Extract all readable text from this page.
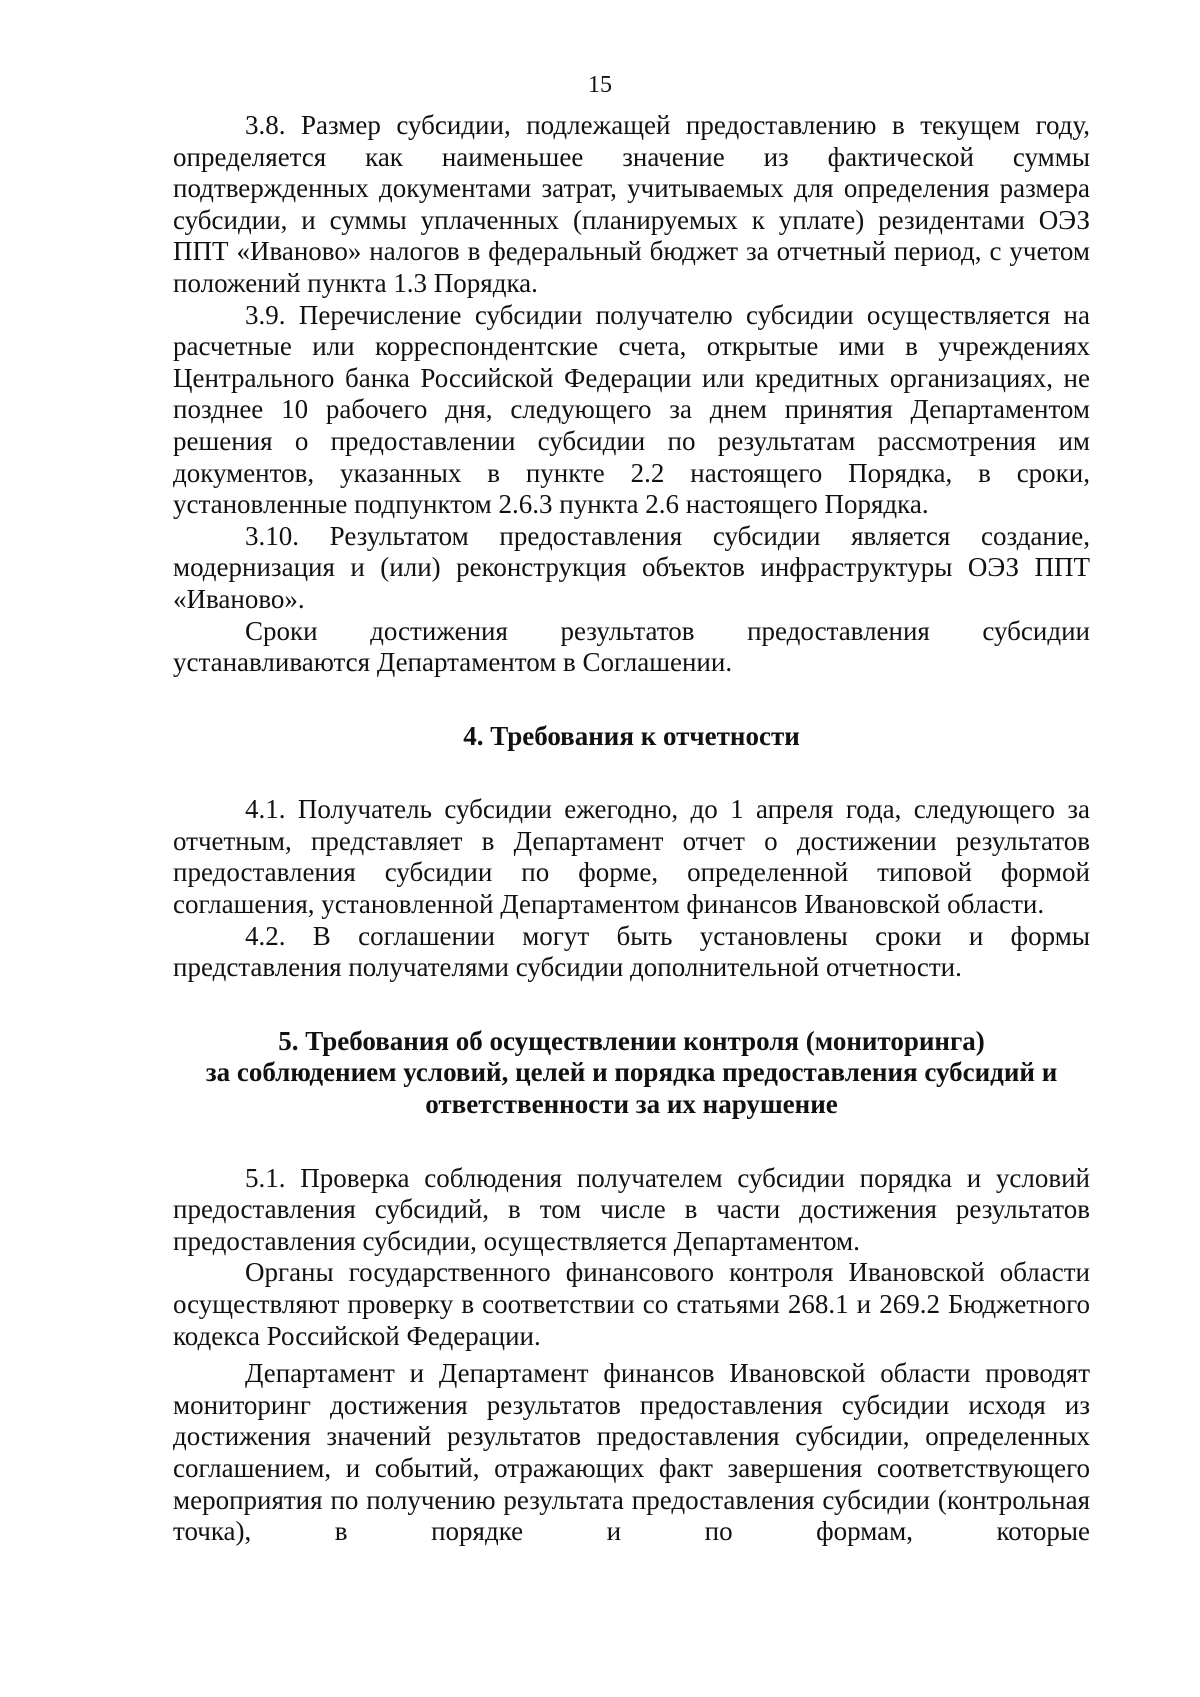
15

3.8. Размер субсидии, подлежащей предоставлению в текущем году, определяется как наименьшее значение из фактической суммы подтвержденных документами затрат, учитываемых для определения размера субсидии, и суммы уплаченных (планируемых к уплате) резидентами ОЭЗ ППТ «Иваново» налогов в федеральный бюджет за отчетный период, с учетом положений пункта 1.3 Порядка.

3.9. Перечисление субсидии получателю субсидии осуществляется на расчетные или корреспондентские счета, открытые ими в учреждениях Центрального банка Российской Федерации или кредитных организациях, не позднее 10 рабочего дня, следующего за днем принятия Департаментом решения о предоставлении субсидии по результатам рассмотрения им документов, указанных в пункте 2.2 настоящего Порядка, в сроки, установленные подпунктом 2.6.3 пункта 2.6 настоящего Порядка.

3.10. Результатом предоставления субсидии является создание, модернизация и (или) реконструкция объектов инфраструктуры ОЭЗ ППТ «Иваново».

Сроки достижения результатов предоставления субсидии устанавливаются Департаментом в Соглашении.

4. Требования к отчетности

4.1. Получатель субсидии ежегодно, до 1 апреля года, следующего за отчетным, представляет в Департамент отчет о достижении результатов предоставления субсидии по форме, определенной типовой формой соглашения, установленной Департаментом финансов Ивановской области.

4.2. В соглашении могут быть установлены сроки и формы представления получателями субсидии дополнительной отчетности.

5. Требования об осуществлении контроля (мониторинга)
за соблюдением условий, целей и порядка предоставления субсидий и
ответственности за их нарушение

5.1. Проверка соблюдения получателем субсидии порядка и условий предоставления субсидий, в том числе в части достижения результатов предоставления субсидии, осуществляется Департаментом.

Органы государственного финансового контроля Ивановской области осуществляют проверку в соответствии со статьями 268.1 и 269.2 Бюджетного кодекса Российской Федерации.

Департамент и Департамент финансов Ивановской области проводят мониторинг достижения результатов предоставления субсидии исходя из достижения значений результатов предоставления субсидии, определенных соглашением, и событий, отражающих факт завершения соответствующего мероприятия по получению результата предоставления субсидии (контрольная точка), в порядке и по формам, которые
